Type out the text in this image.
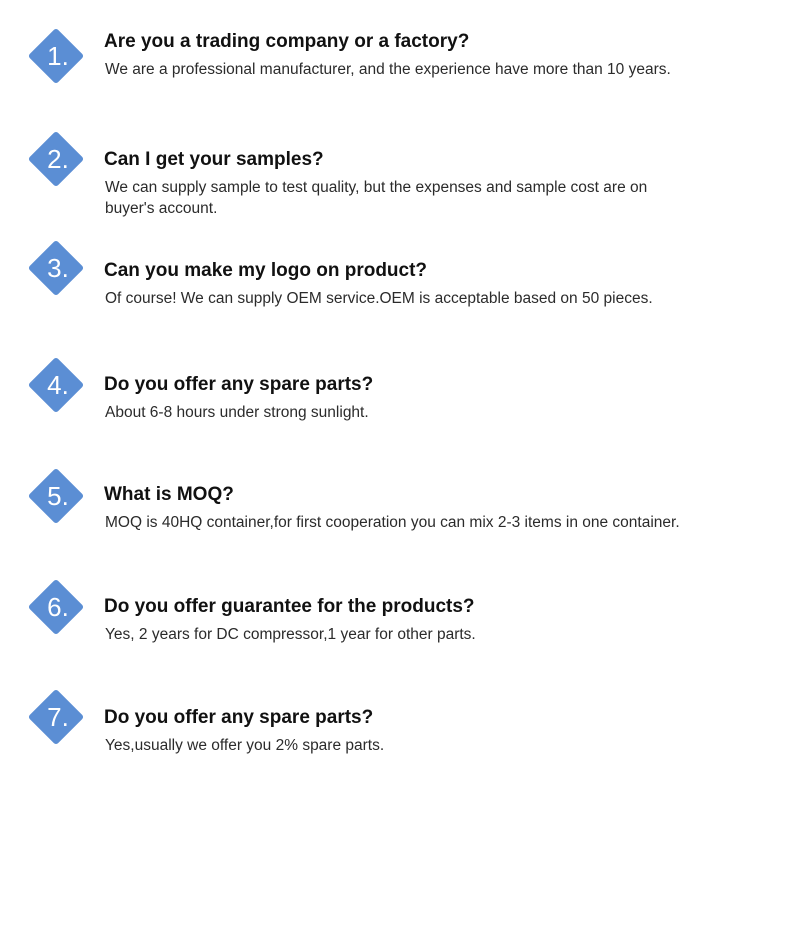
1.	Are you a trading company or a factory?

We are a professional manufacturer, and the experience have more than 10 years.

2.	Can I get your samples?

We can supply sample to test quality, but the expenses and sample cost are on buyer's account.

3.	Can you make my logo on product?

Of course! We can supply OEM service.OEM is acceptable based on 50 pieces.

4.	Do you offer any spare parts?

About 6-8 hours under strong sunlight.

5.	What is MOQ?

MOQ is 40HQ container,for first cooperation you can mix 2-3 items in one container.

6.	Do you offer guarantee for the products?

Yes, 2 years for DC compressor,1 year for other parts.

7.	Do you offer any spare parts?

Yes,usually we offer you 2% spare parts.
